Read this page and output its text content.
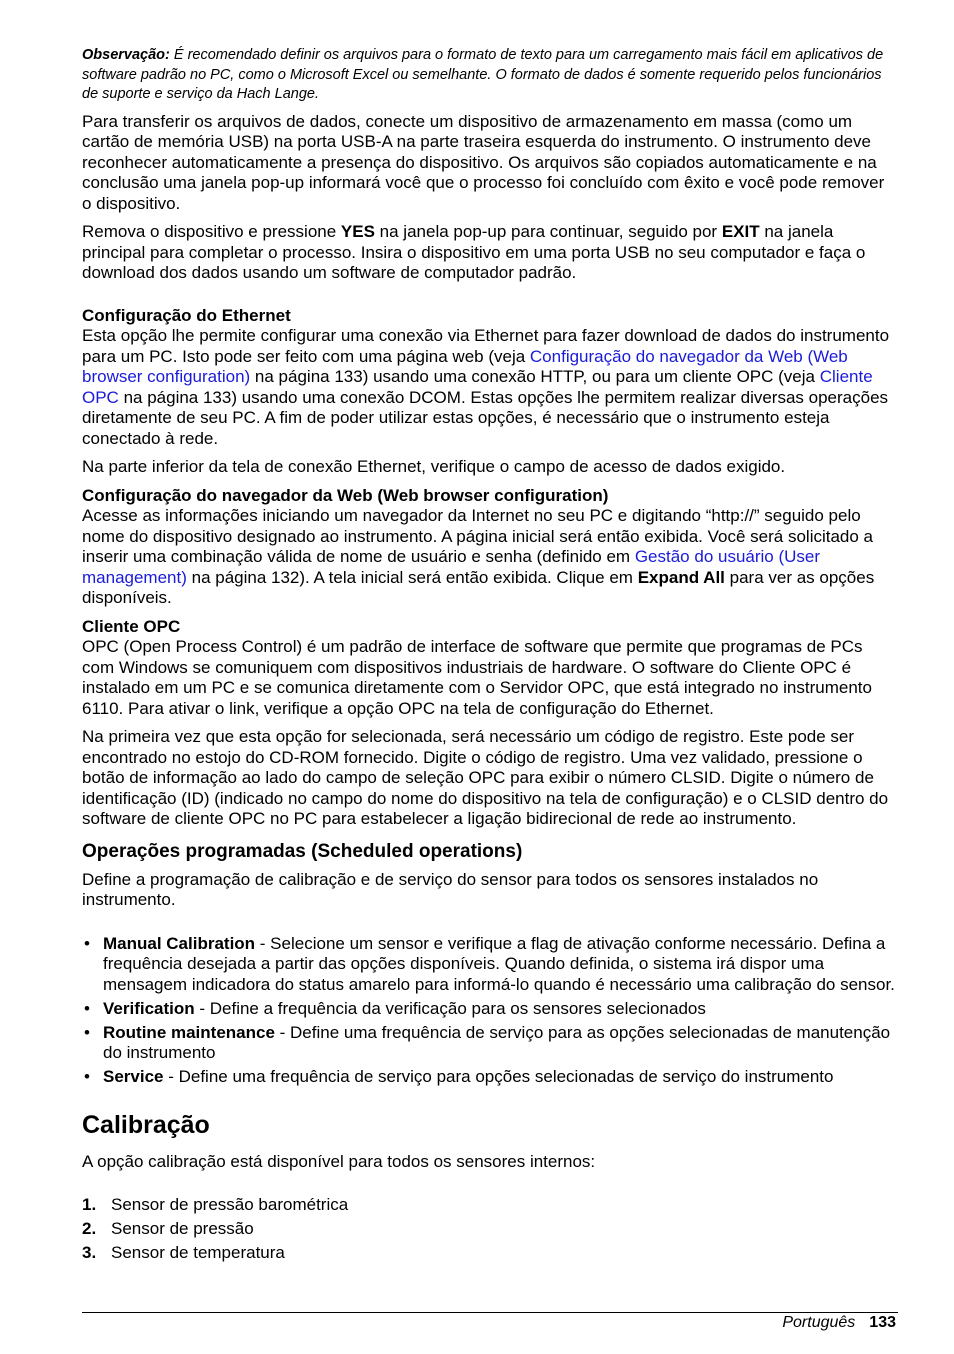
Observação: É recomendado definir os arquivos para o formato de texto para um carregamento mais fácil em aplicativos de software padrão no PC, como o Microsoft Excel ou semelhante. O formato de dados é somente requerido pelos funcionários de suporte e serviço da Hach Lange.

Para transferir os arquivos de dados, conecte um dispositivo de armazenamento em massa (como um cartão de memória USB) na porta USB-A na parte traseira esquerda do instrumento. O instrumento deve reconhecer automaticamente a presença do dispositivo. Os arquivos são copiados automaticamente e na conclusão uma janela pop-up informará você que o processo foi concluído com êxito e você pode remover o dispositivo.

Remova o dispositivo e pressione YES na janela pop-up para continuar, seguido por EXIT na janela principal para completar o processo. Insira o dispositivo em uma porta USB no seu computador e faça o download dos dados usando um software de computador padrão.

Configuração do Ethernet

Esta opção lhe permite configurar uma conexão via Ethernet para fazer download de dados do instrumento para um PC. Isto pode ser feito com uma página web (veja Configuração do navegador da Web (Web browser configuration) na página 133) usando uma conexão HTTP, ou para um cliente OPC (veja Cliente OPC na página 133) usando uma conexão DCOM. Estas opções lhe permitem realizar diversas operações diretamente de seu PC. A fim de poder utilizar estas opções, é necessário que o instrumento esteja conectado à rede.

Na parte inferior da tela de conexão Ethernet, verifique o campo de acesso de dados exigido.

Configuração do navegador da Web (Web browser configuration)

Acesse as informações iniciando um navegador da Internet no seu PC e digitando “http://” seguido pelo nome do dispositivo designado ao instrumento. A página inicial será então exibida. Você será solicitado a inserir uma combinação válida de nome de usuário e senha (definido em Gestão do usuário (User management) na página 132). A tela inicial será então exibida. Clique em Expand All para ver as opções disponíveis.

Cliente OPC

OPC (Open Process Control) é um padrão de interface de software que permite que programas de PCs com Windows se comuniquem com dispositivos industriais de hardware. O software do Cliente OPC é instalado em um PC e se comunica diretamente com o Servidor OPC, que está integrado no instrumento 6110. Para ativar o link, verifique a opção OPC na tela de configuração do Ethernet.

Na primeira vez que esta opção for selecionada, será necessário um código de registro. Este pode ser encontrado no estojo do CD-ROM fornecido. Digite o código de registro. Uma vez validado, pressione o botão de informação ao lado do campo de seleção OPC para exibir o número CLSID. Digite o número de identificação (ID) (indicado no campo do nome do dispositivo na tela de configuração) e o CLSID dentro do software de cliente OPC no PC para estabelecer a ligação bidirecional de rede ao instrumento.

Operações programadas (Scheduled operations)

Define a programação de calibração e de serviço do sensor para todos os sensores instalados no instrumento.

• Manual Calibration - Selecione um sensor e verifique a flag de ativação conforme necessário. Defina a frequência desejada a partir das opções disponíveis. Quando definida, o sistema irá dispor uma mensagem indicadora do status amarelo para informá-lo quando é necessário uma calibração do sensor.
• Verification - Define a frequência da verificação para os sensores selecionados
• Routine maintenance - Define uma frequência de serviço para as opções selecionadas de manutenção do instrumento
• Service - Define uma frequência de serviço para opções selecionadas de serviço do instrumento
Calibração

A opção calibração está disponível para todos os sensores internos:

1. Sensor de pressão barométrica
2. Sensor de pressão
3. Sensor de temperatura
Português 133
